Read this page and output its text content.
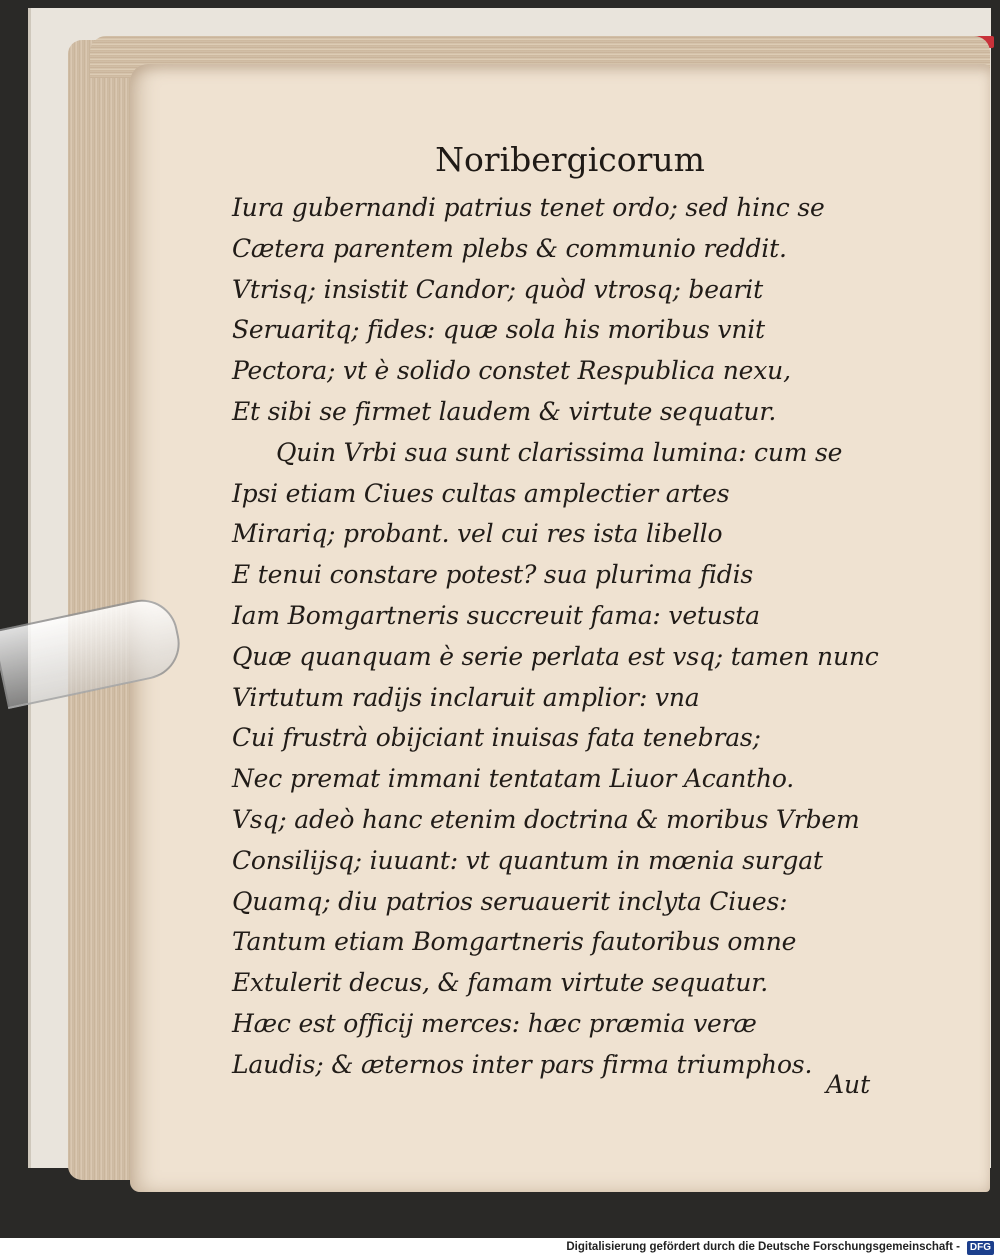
Noribergicorum
Iura gubernandi patrius tenet ordo; sed hinc se
Cætera parentem plebs & communio reddit.
Vtrisq; insistit Candor; quòd vtrosq; bearit
Seruaritq; fides: quæ sola his moribus vnit
Pectora; vt è solido constet Respublica nexu,
Et sibi se firmet laudem & virtute sequatur.
Quin Vrbi sua sunt clarissima lumina: cum se
Ipsi etiam Ciues cultas amplectier artes
Mirariq; probant. vel cui res ista libello
E tenui constare potest? sua plurima fidis
Iam Bomgartneris succreuit fama: vetusta
Quæ quanquam è serie perlata est vsq; tamen nunc
Virtutum radijs inclaruit amplior: vna
Cui frustrà obijciant inuisas fata tenebras;
Nec premat immani tentatam Liuor Acantho.
Vsq; adeò hanc etenim doctrina & moribus Vrbem
Consilijsq; iuuant: vt quantum in mœnia surgat
Quamq; diu patrios seruauerit inclyta Ciues:
Tantum etiam Bomgartneris fautoribus omne
Extulerit decus, & famam virtute sequatur.
Hæc est officij merces: hæc præmia veræ
Laudis; & æternos inter pars firma triumphos.
Aut
Digitalisierung gefördert durch die Deutsche Forschungsgemeinschaft - DFG
